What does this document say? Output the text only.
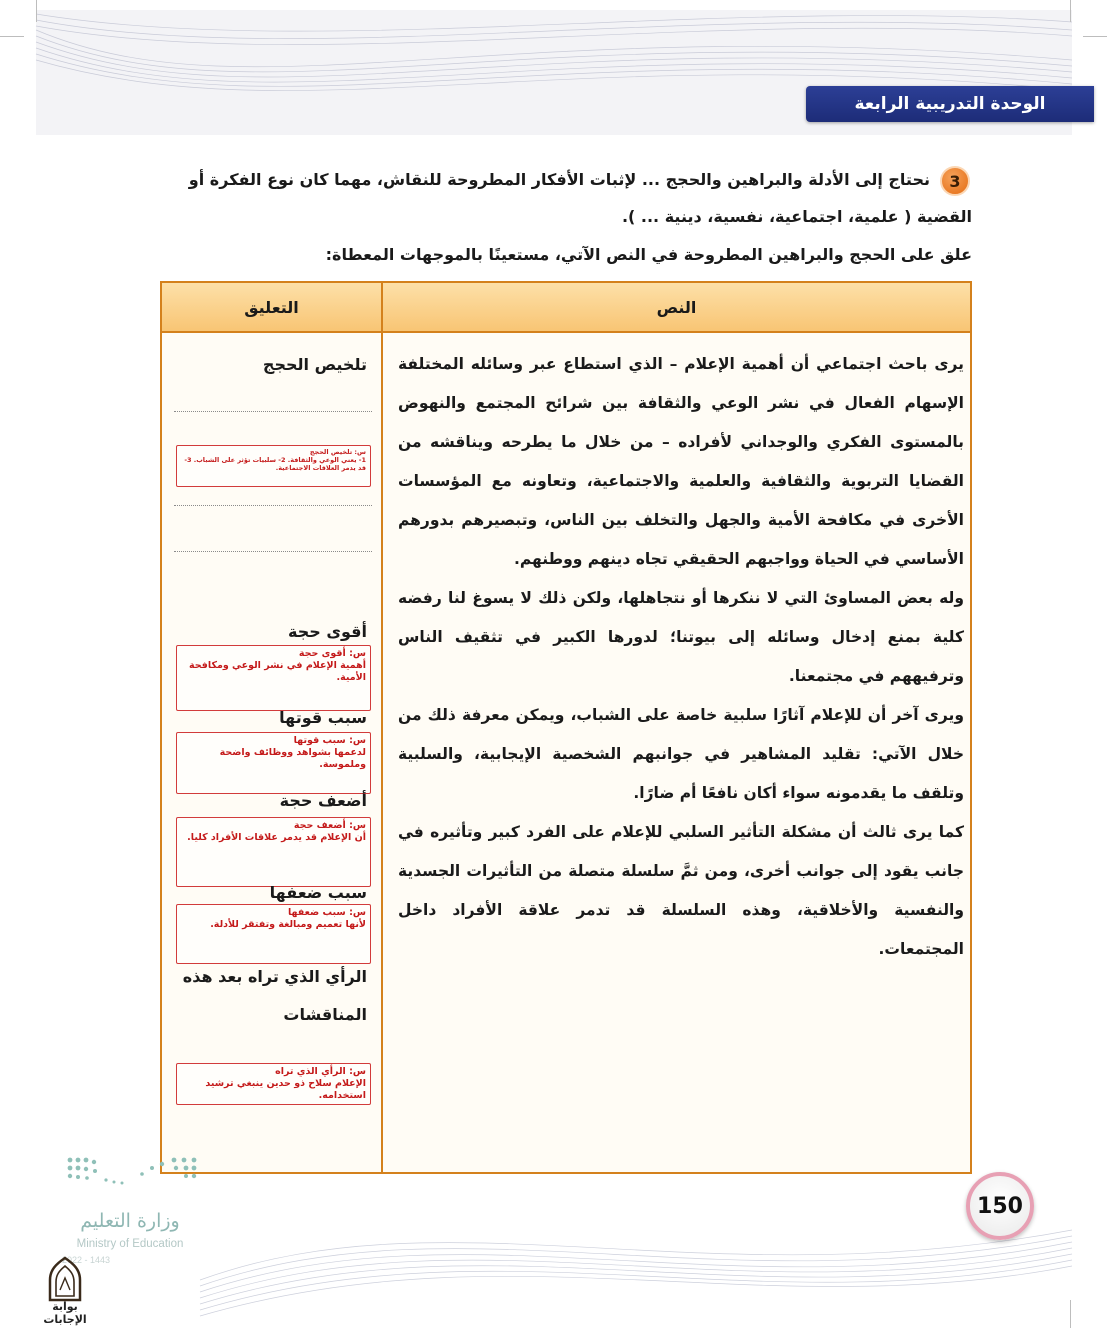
الوحدة التدريبية الرابعة
3
نحتاج إلى الأدلة والبراهين والحجج ... لإثبات الأفكار المطروحة للنقاش، مهما كان نوع الفكرة أو
القضية ( علمية، اجتماعية، نفسية، دينية ... ).
علق على الحجج والبراهين المطروحة في النص الآتي، مستعينًا بالموجهات المعطاة:
النص
التعليق

يرى باحث اجتماعي أن أهمية الإعلام – الذي استطاع عبر وسائله المختلفة الإسهام الفعال في نشر الوعي والثقافة بين شرائح المجتمع والنهوض بالمستوى الفكري والوجداني لأفراده – من خلال ما يطرحه ويناقشه من القضايا التربوية والثقافية والعلمية والاجتماعية، وتعاونه مع المؤسسات الأخرى في مكافحة الأمية والجهل والتخلف بين الناس، وتبصيرهم بدورهم الأساسي في الحياة وواجبهم الحقيقي تجاه دينهم ووطنهم.

وله بعض المساوئ التي لا ننكرها أو نتجاهلها، ولكن ذلك لا يسوغ لنا رفضه كلية بمنع إدخال وسائله إلى بيوتنا؛ لدورها الكبير في تثقيف الناس وترفيههم في مجتمعنا.

ويرى آخر أن للإعلام آثارًا سلبية خاصة على الشباب، ويمكن معرفة ذلك من خلال الآتي: تقليد المشاهير في جوانبهم الشخصية الإيجابية، والسلبية وتلقف ما يقدمونه سواء أكان نافعًا أم ضارًا.

كما يرى ثالث أن مشكلة التأثير السلبي للإعلام على الفرد كبير وتأثيره في جانب يقود إلى جوانب أخرى، ومن ثمَّ سلسلة متصلة من التأثيرات الجسدية والنفسية والأخلاقية، وهذه السلسلة قد تدمر علاقة الأفراد داخل المجتمعات.

تلخيص الحجج
س: تلخيص الحجج
1- يعني الوعي والثقافة. 2- سلبيات تؤثر على الشباب. 3- قد يدمر العلاقات الاجتماعية.
أقوى حجة
س: أقوى حجة
أهمية الإعلام في نشر الوعي ومكافحة الأمية.
سبب قوتها
س: سبب قوتها
لدعمها بشواهد ووظائف واضحة وملموسة.
أضعف حجة
س: أضعف حجة
أن الإعلام قد يدمر علاقات الأفراد كليا.
سبب ضعفها
س: سبب ضعفها
لأنها تعميم ومبالغة وتفتقر للأدلة.
الرأي الذي تراه بعد هذه
المناقشات
س: الرأي الذي تراه
الإعلام سلاح ذو حدين ينبغي ترشيد استخدامه.
150
وزارة التعليم
Ministry of Education
2022 - 1443
بوابة الإجابات
